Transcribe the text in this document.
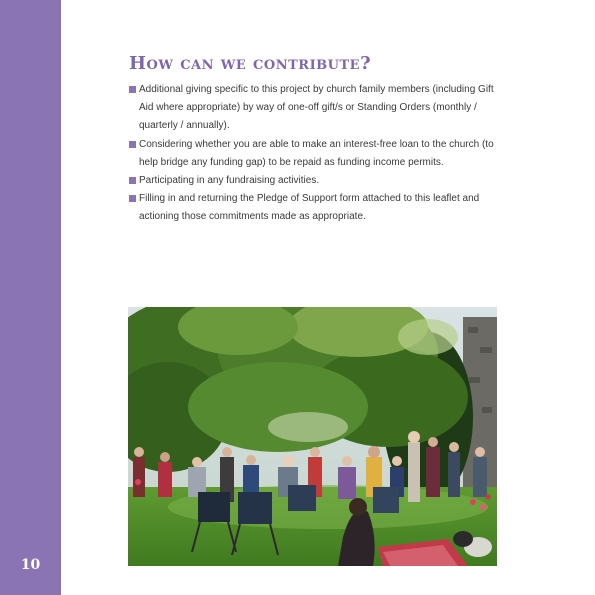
10
How can we contribute?
Additional giving specific to this project by church family members (including Gift Aid where appropriate) by way of one-off gift/s or Standing Orders (monthly / quarterly / annually).
Considering whether you are able to make an interest-free loan to the church (to help bridge any funding gap) to be repaid as funding income permits.
Participating in any fundraising activities.
Filling in and returning the Pledge of Support form attached to this leaflet and actioning those commitments made as appropriate.
